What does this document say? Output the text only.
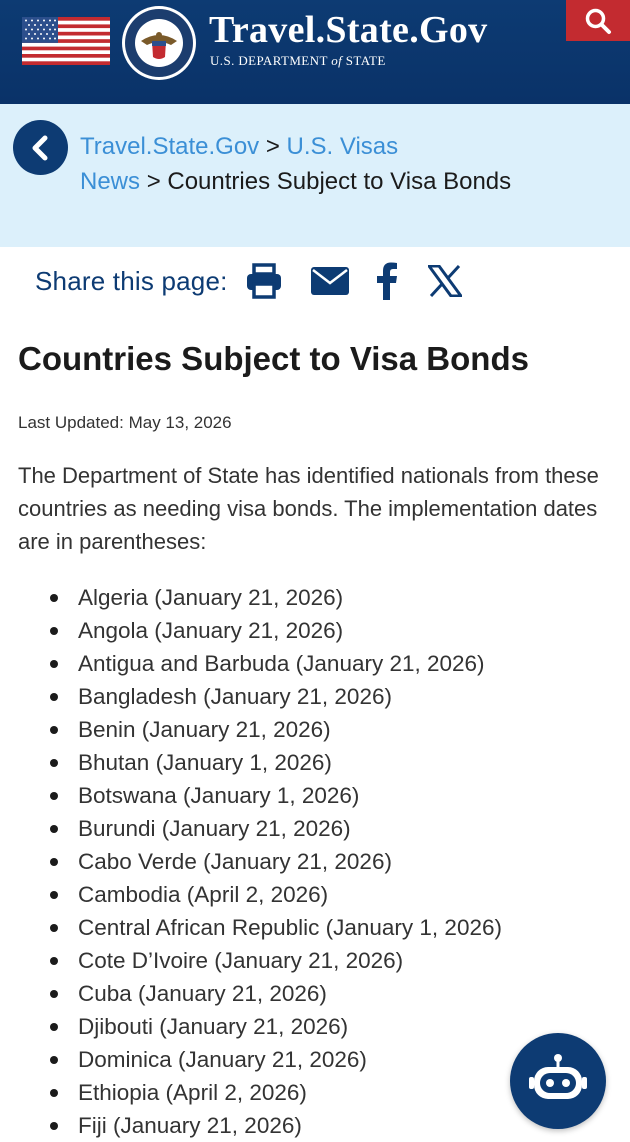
Travel.State.Gov
U.S. DEPARTMENT of STATE
Travel.State.Gov > U.S. Visas
News > Countries Subject to Visa Bonds
Share this page:
Countries Subject to Visa Bonds
Last Updated: May 13, 2026
The Department of State has identified nationals from these countries as needing visa bonds. The implementation dates are in parentheses:
Algeria (January 21, 2026)
Angola (January 21, 2026)
Antigua and Barbuda (January 21, 2026)
Bangladesh (January 21, 2026)
Benin (January 21, 2026)
Bhutan (January 1, 2026)
Botswana (January 1, 2026)
Burundi (January 21, 2026)
Cabo Verde (January 21, 2026)
Cambodia (April 2, 2026)
Central African Republic (January 1, 2026)
Cote D’Ivoire (January 21, 2026)
Cuba (January 21, 2026)
Djibouti (January 21, 2026)
Dominica (January 21, 2026)
Ethiopia (April 2, 2026)
Fiji (January 21, 2026)
